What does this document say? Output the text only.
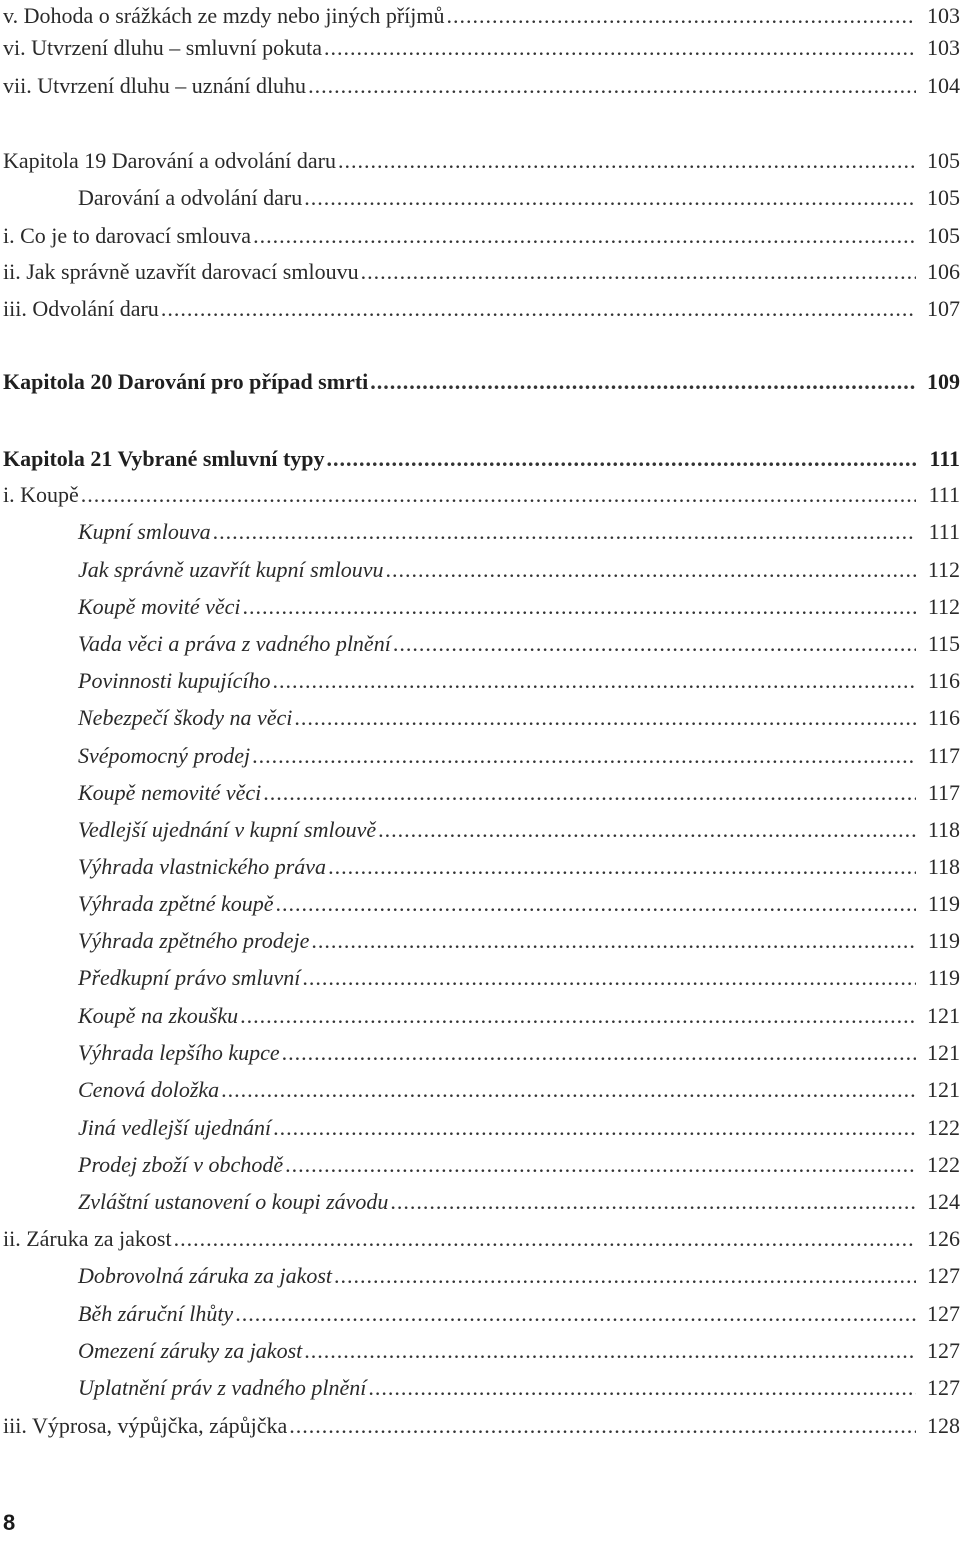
v. Dohoda o srážkách ze mzdy nebo jiných příjmů .....	103
vi. Utvrzení dluhu – smluvní pokuta .....	103
vii. Utvrzení dluhu – uznání dluhu .....	104
Kapitola 19 Darování a odvolání daru .....	105
Darování a odvolání daru .....	105
i. Co je to darovací smlouva .....	105
ii. Jak správně uzavřít darovací smlouvu .....	106
iii. Odvolání daru .....	107
Kapitola 20 Darování pro případ smrti .....	109
Kapitola 21 Vybrané smluvní typy .....	111
i. Koupě .....	111
Kupní smlouva .....	111
Jak správně uzavřít kupní smlouvu .....	112
Koupě movité věci .....	112
Vada věci a práva z vadného plnění .....	115
Povinnosti kupujícího .....	116
Nebezpečí škody na věci .....	116
Svépomocný prodej .....	117
Koupě nemovité věci .....	117
Vedlejší ujednání v kupní smlouvě .....	118
Výhrada vlastnického práva .....	118
Výhrada zpětné koupě .....	119
Výhrada zpětného prodeje .....	119
Předkupní právo smluvní .....	119
Koupě na zkoušku .....	121
Výhrada lepšího kupce .....	121
Cenová doložka .....	121
Jiná vedlejší ujednání .....	122
Prodej zboží v obchodě .....	122
Zvláštní ustanovení o koupi závodu .....	124
ii. Záruka za jakost .....	126
Dobrovolná záruka za jakost .....	127
Běh záruční lhůty .....	127
Omezení záruky za jakost .....	127
Uplatnění práv z vadného plnění .....	127
iii. Výprosa, výpůjčka, zápůjčka .....	128
8
